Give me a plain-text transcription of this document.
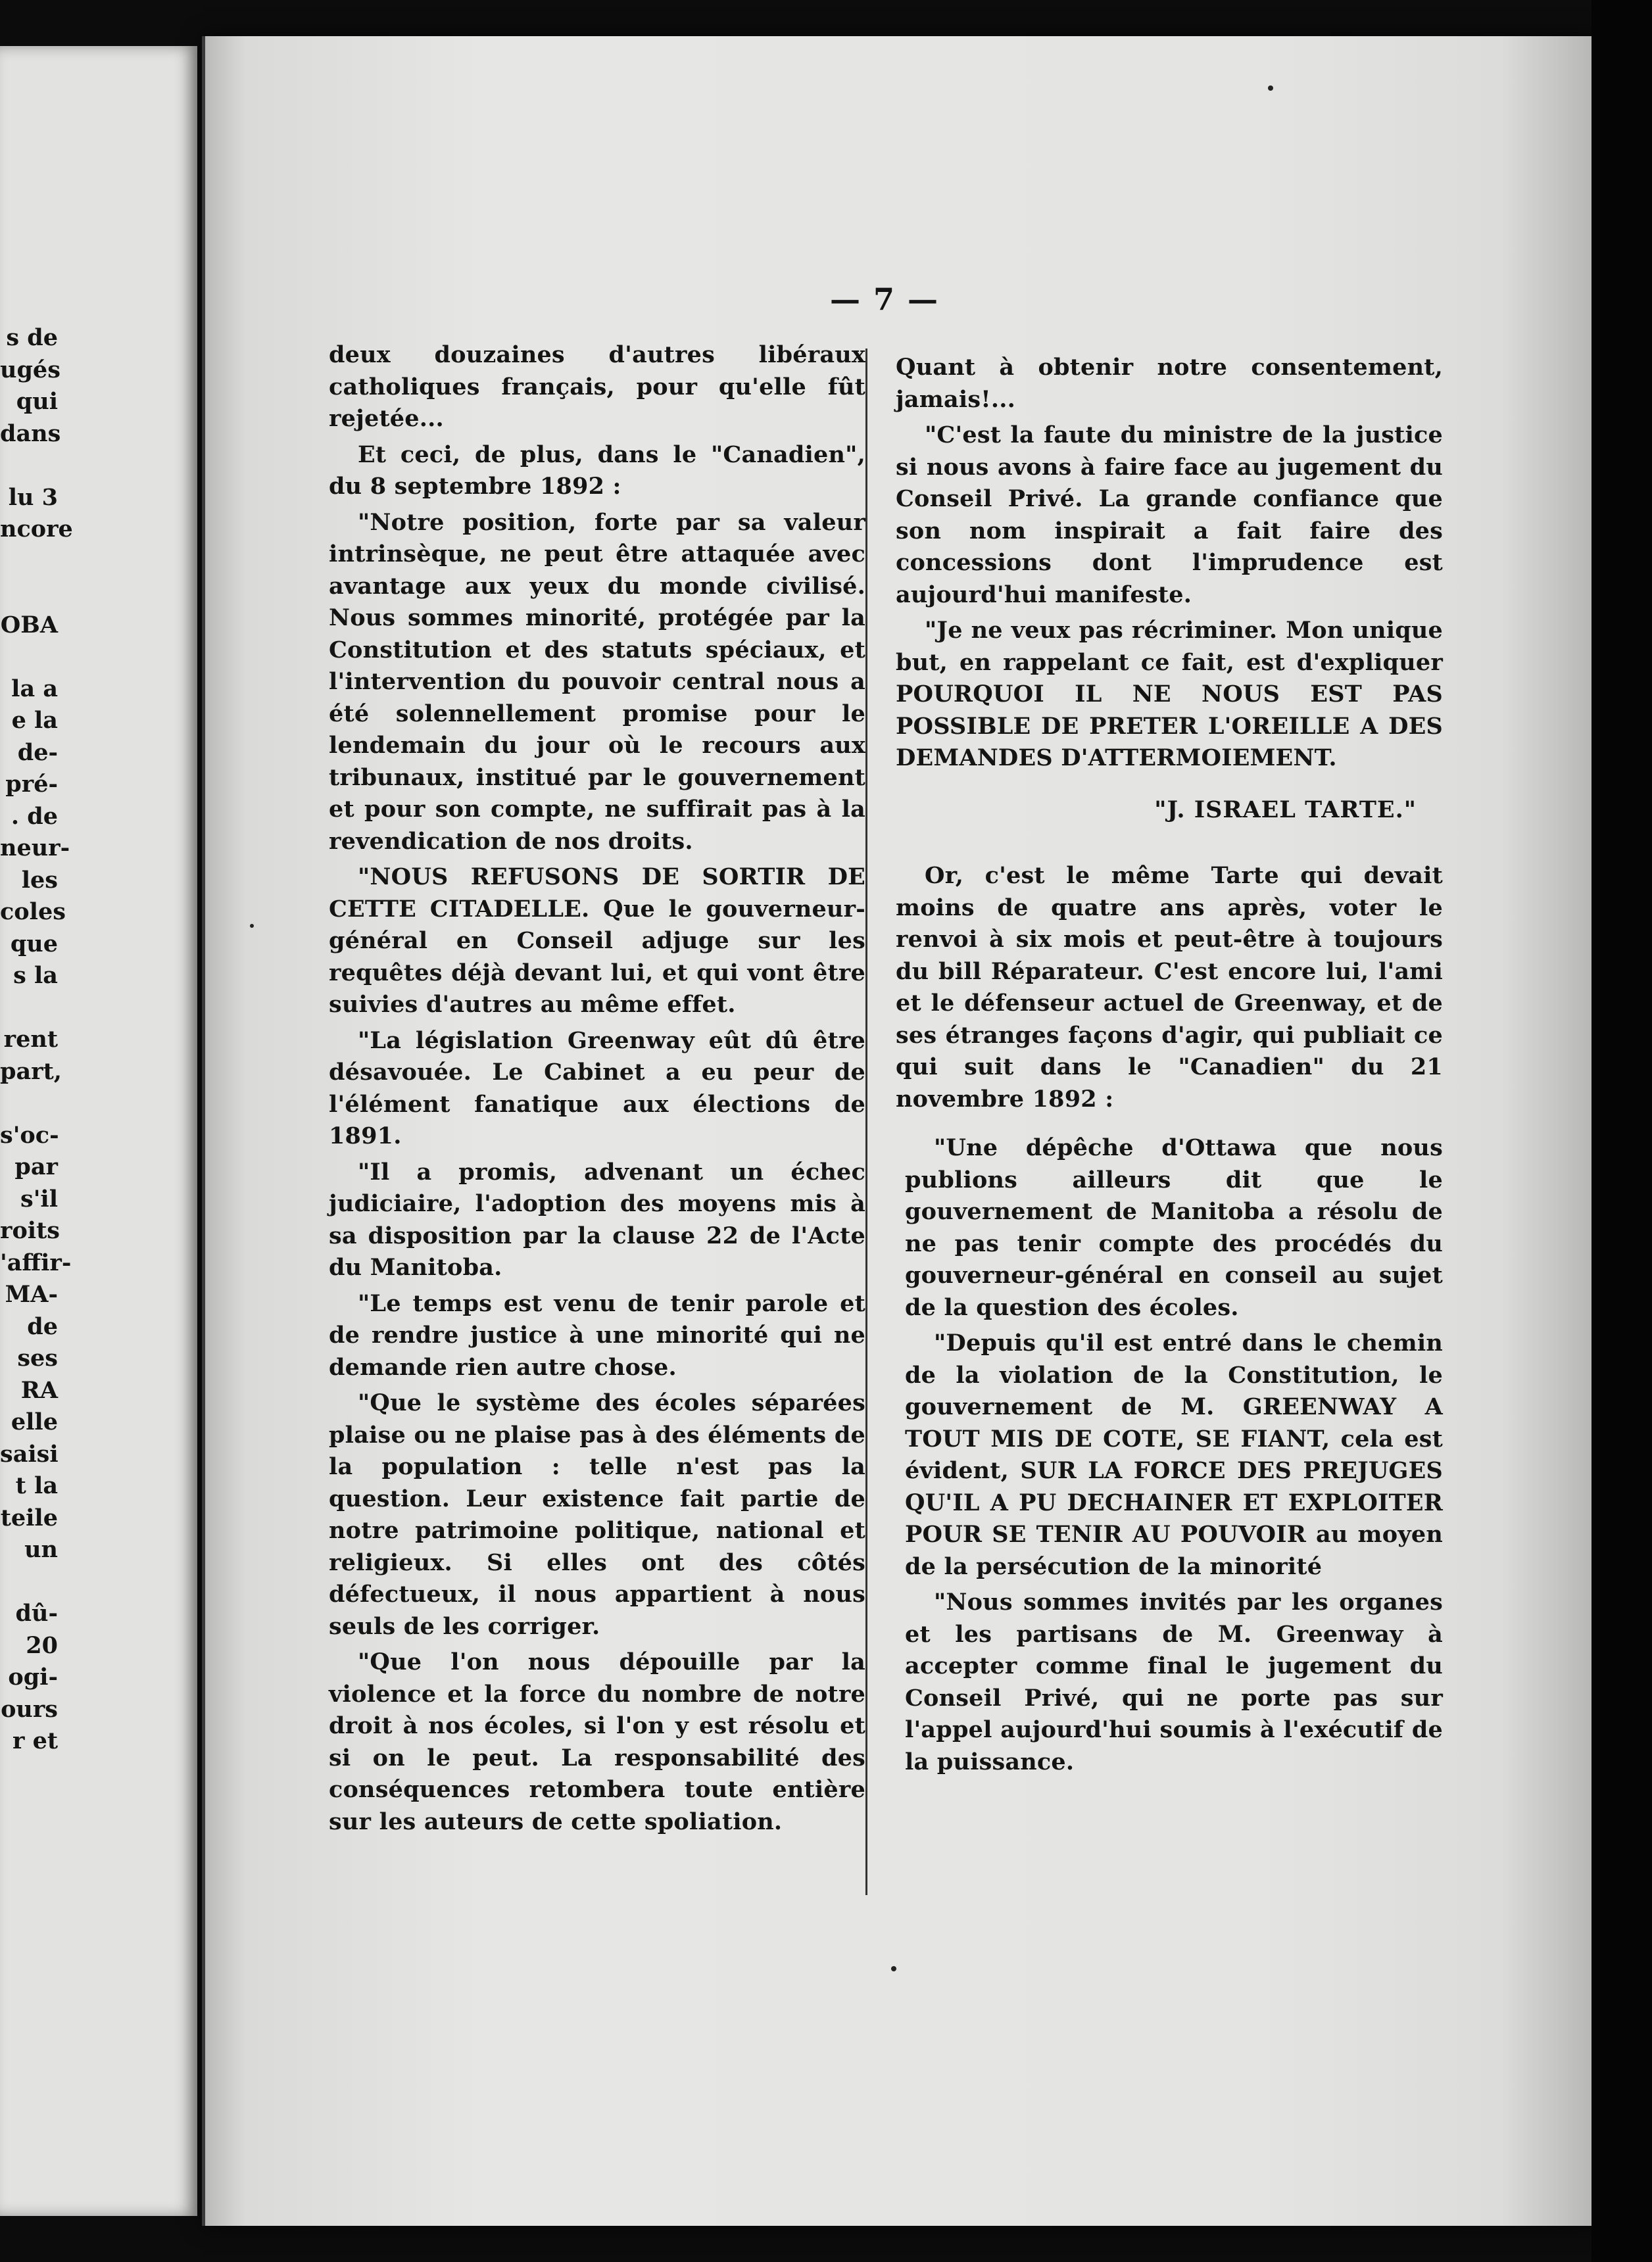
s de
ugés
qui
dans

lu 3
ncore

OBA

la a
e la
de-
pré-
. de
neur-
les
coles
que
s la

rent
part,

s'oc-
par
s'il
roits
'affir-
MA-
de
ses
RA
elle
saisi
t la
teile
un

dû-
20
ogi-
ours
r et

— 7 —

deux douzaines d'autres libéraux catholiques français, pour qu'elle fût rejetée...

Et ceci, de plus, dans le "Canadien", du 8 septembre 1892 :

"Notre position, forte par sa valeur intrinsèque, ne peut être attaquée avec avantage aux yeux du monde civilisé. Nous sommes minorité, protégée par la Constitution et des statuts spéciaux, et l'intervention du pouvoir central nous a été solennellement promise pour le lendemain du jour où le recours aux tribunaux, institué par le gouvernement et pour son compte, ne suffirait pas à la revendication de nos droits.

"NOUS REFUSONS DE SORTIR DE CETTE CITADELLE. Que le gouverneur-général en Conseil adjuge sur les requêtes déjà devant lui, et qui vont être suivies d'autres au même effet.

"La législation Greenway eût dû être désavouée. Le Cabinet a eu peur de l'élément fanatique aux élections de 1891.

"Il a promis, advenant un échec judiciaire, l'adoption des moyens mis à sa disposition par la clause 22 de l'Acte du Manitoba.

"Le temps est venu de tenir parole et de rendre justice à une minorité qui ne demande rien autre chose.

"Que le système des écoles séparées plaise ou ne plaise pas à des éléments de la population : telle n'est pas la question. Leur existence fait partie de notre patrimoine politique, national et religieux. Si elles ont des côtés défectueux, il nous appartient à nous seuls de les corriger.

"Que l'on nous dépouille par la violence et la force du nombre de notre droit à nos écoles, si l'on y est résolu et si on le peut. La responsabilité des conséquences retombera toute entière sur les auteurs de cette spoliation.

Quant à obtenir notre consentement, jamais!...

"C'est la faute du ministre de la justice si nous avons à faire face au jugement du Conseil Privé. La grande confiance que son nom inspirait a fait faire des concessions dont l'imprudence est aujourd'hui manifeste.

"Je ne veux pas récriminer. Mon unique but, en rappelant ce fait, est d'expliquer POURQUOI IL NE NOUS EST PAS POSSIBLE DE PRETER L'OREILLE A DES DEMANDES D'ATTERMOIEMENT.

"J. ISRAEL TARTE."

Or, c'est le même Tarte qui devait moins de quatre ans après, voter le renvoi à six mois et peut-être à toujours du bill Réparateur. C'est encore lui, l'ami et le défenseur actuel de Greenway, et de ses étranges façons d'agir, qui publiait ce qui suit dans le "Canadien" du 21 novembre 1892 :

"Une dépêche d'Ottawa que nous publions ailleurs dit que le gouvernement de Manitoba a résolu de ne pas tenir compte des procédés du gouverneur-général en conseil au sujet de la question des écoles.

"Depuis qu'il est entré dans le chemin de la violation de la Constitution, le gouvernement de M. GREENWAY A TOUT MIS DE COTE, SE FIANT, cela est évident, SUR LA FORCE DES PREJUGES QU'IL A PU DECHAINER ET EXPLOITER POUR SE TENIR AU POUVOIR au moyen de la persécution de la minorité

"Nous sommes invités par les organes et les partisans de M. Greenway à accepter comme final le jugement du Conseil Privé, qui ne porte pas sur l'appel aujourd'hui soumis à l'exécutif de la puissance.
